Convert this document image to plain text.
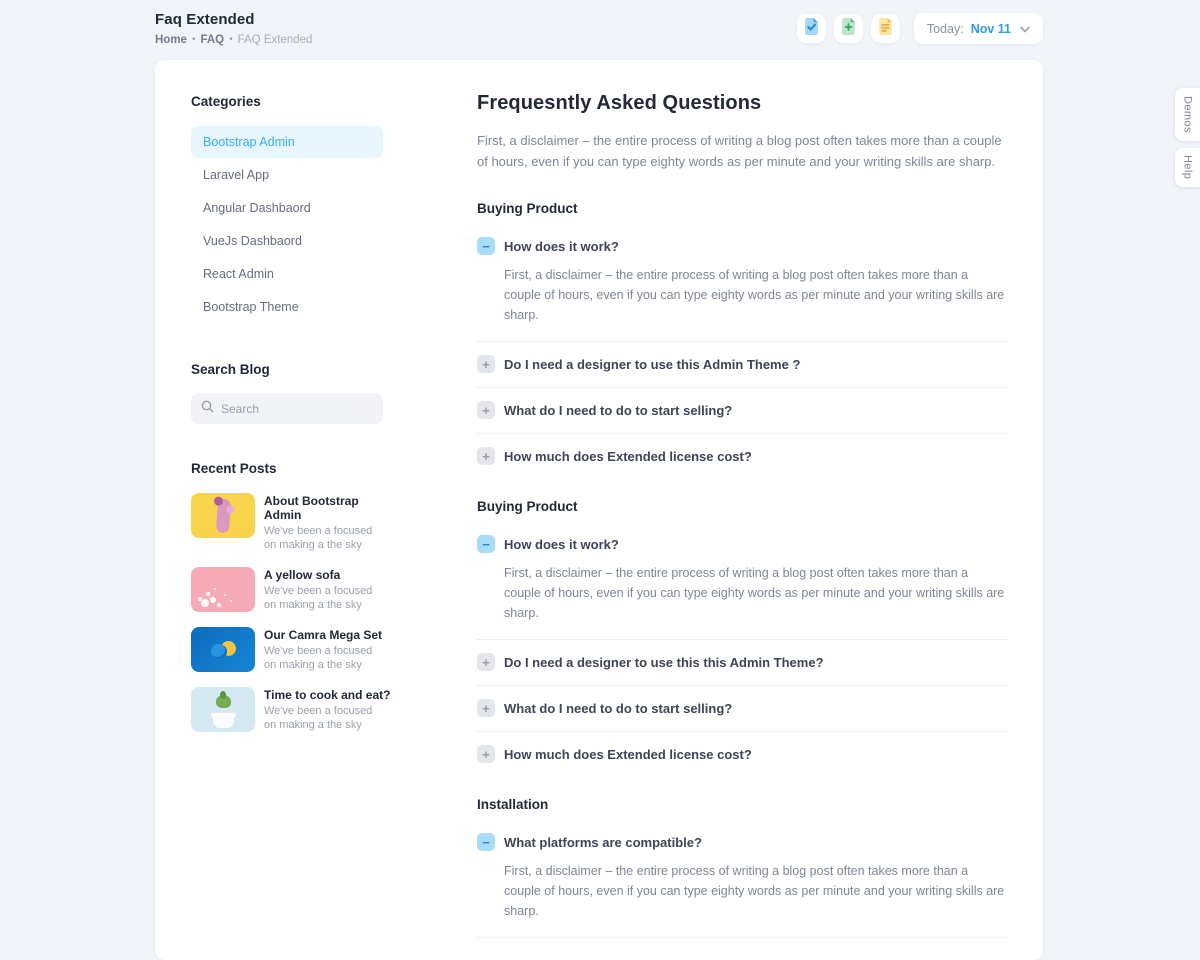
Faq Extended
Home • FAQ • FAQ Extended
Today: Nov 11
Demos
Help
Categories
Bootstrap Admin
Laravel App
Angular Dashbaord
VueJs Dashbaord
React Admin
Bootstrap Theme
Search Blog
Search
Recent Posts
About Bootstrap Admin
We've been a focused on making a the sky
A yellow sofa
We've been a focused on making a the sky
Our Camra Mega Set
We've been a focused on making a the sky
Time to cook and eat?
We've been a focused on making a the sky
Frequesntly Asked Questions

First, a disclaimer – the entire process of writing a blog post often takes more than a couple of hours, even if you can type eighty words as per minute and your writing skills are sharp.

Buying Product
−	How does it work?

First, a disclaimer – the entire process of writing a blog post often takes more than a couple of hours, even if you can type eighty words as per minute and your writing skills are sharp.

+	Do I need a designer to use this Admin Theme ?
+	What do I need to do to start selling?
+	How much does Extended license cost?
Buying Product
−	How does it work?

First, a disclaimer – the entire process of writing a blog post often takes more than a couple of hours, even if you can type eighty words as per minute and your writing skills are sharp.

+	Do I need a designer to use this this Admin Theme?
+	What do I need to do to start selling?
+	How much does Extended license cost?
Installation
−	What platforms are compatible?

First, a disclaimer – the entire process of writing a blog post often takes more than a couple of hours, even if you can type eighty words as per minute and your writing skills are sharp.
